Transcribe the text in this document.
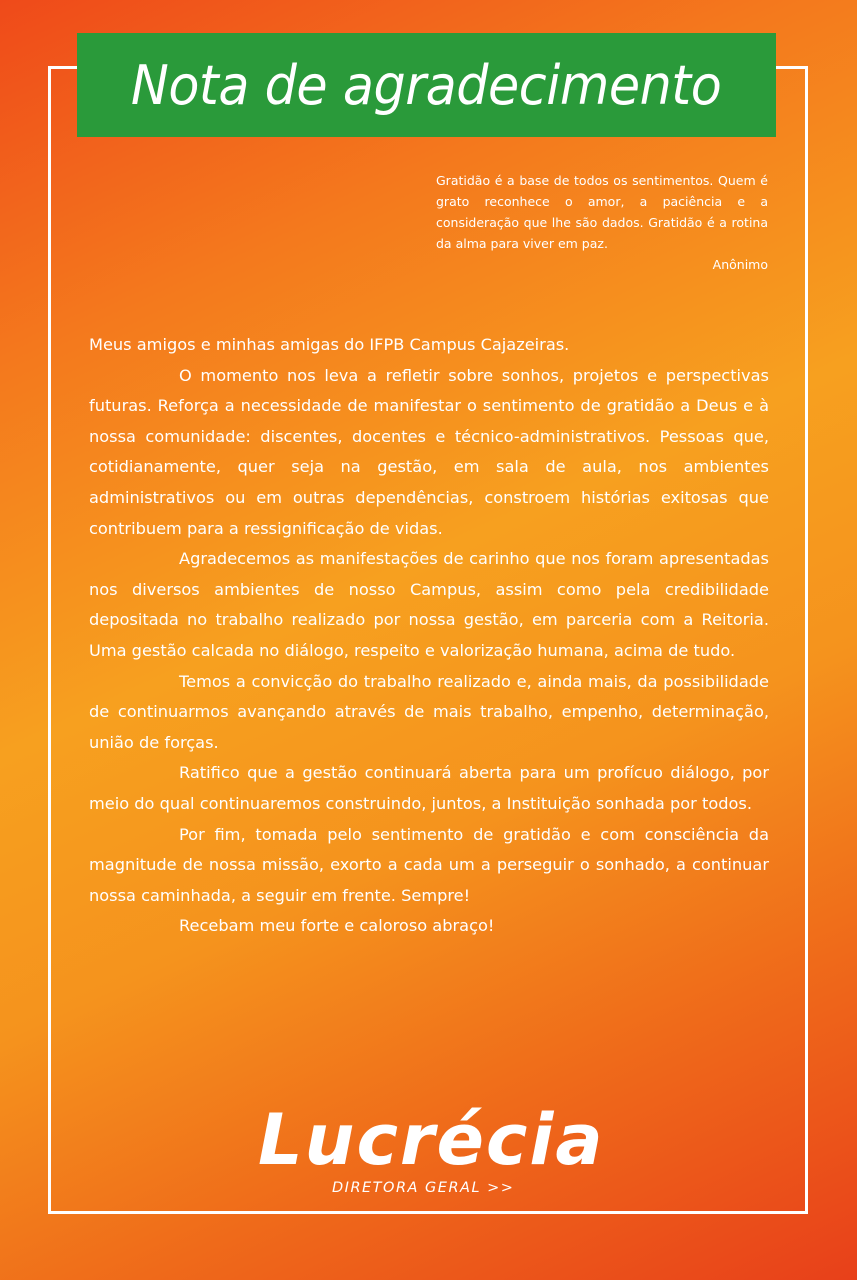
Nota de agradecimento
Gratidão é a base de todos os sentimentos. Quem é grato reconhece o amor, a paciência e a consideração que lhe são dados. Gratidão é a rotina da alma para viver em paz.
Anônimo

Meus amigos e minhas amigas do IFPB Campus Cajazeiras.

O momento nos leva a refletir sobre sonhos, projetos e perspectivas futuras. Reforça a necessidade de manifestar o sentimento de gratidão a Deus e à nossa comunidade: discentes, docentes e técnico-administrativos. Pessoas que, cotidianamente, quer seja na gestão, em sala de aula, nos ambientes administrativos ou em outras dependências, constroem histórias exitosas que contribuem para a ressignificação de vidas.

Agradecemos as manifestações de carinho que nos foram apresentadas nos diversos ambientes de nosso Campus, assim como pela credibilidade depositada no trabalho realizado por nossa gestão, em parceria com a Reitoria. Uma gestão calcada no diálogo, respeito e valorização humana, acima de tudo.

Temos a convicção do trabalho realizado e, ainda mais, da possibilidade de continuarmos avançando através de mais trabalho, empenho, determinação, união de forças.

Ratifico que a gestão continuará aberta para um profícuo diálogo, por meio do qual continuaremos construindo, juntos, a Instituição sonhada por todos.

Por fim, tomada pelo sentimento de gratidão e com consciência da magnitude de nossa missão, exorto a cada um a perseguir o sonhado, a continuar nossa caminhada, a seguir em frente. Sempre!

Recebam meu forte e caloroso abraço!

Lucrécia
DIRETORA GERAL >>
